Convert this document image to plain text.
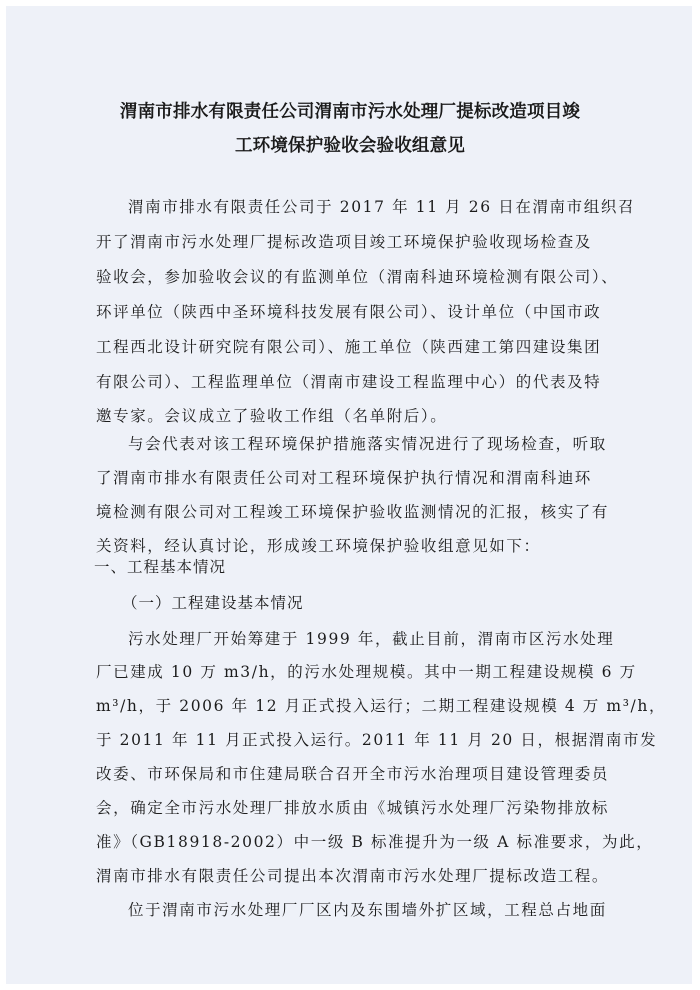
渭南市排水有限责任公司渭南市污水处理厂提标改造项目竣
工环境保护验收会验收组意见
渭南市排水有限责任公司于 2017 年 11 月 26 日在渭南市组织召
开了渭南市污水处理厂提标改造项目竣工环境保护验收现场检查及
验收会，参加验收会议的有监测单位（渭南科迪环境检测有限公司）、
环评单位（陕西中圣环境科技发展有限公司）、设计单位（中国市政
工程西北设计研究院有限公司）、施工单位（陕西建工第四建设集团
有限公司）、工程监理单位（渭南市建设工程监理中心）的代表及特
邀专家。会议成立了验收工作组（名单附后）。
与会代表对该工程环境保护措施落实情况进行了现场检查，听取
了渭南市排水有限责任公司对工程环境保护执行情况和渭南科迪环
境检测有限公司对工程竣工环境保护验收监测情况的汇报，核实了有
关资料，经认真讨论，形成竣工环境保护验收组意见如下：
一、工程基本情况
（一）工程建设基本情况
污水处理厂开始筹建于 1999 年，截止目前，渭南市区污水处理
厂已建成 10 万 m3/h，的污水处理规模。其中一期工程建设规模 6 万
m³/h，于 2006 年 12 月正式投入运行；二期工程建设规模 4 万 m³/h，
于 2011 年 11 月正式投入运行。2011 年 11 月 20 日，根据渭南市发
改委、市环保局和市住建局联合召开全市污水治理项目建设管理委员
会，确定全市污水处理厂排放水质由《城镇污水处理厂污染物排放标
准》（GB18918-2002）中一级 B 标准提升为一级 A 标准要求，为此，
渭南市排水有限责任公司提出本次渭南市污水处理厂提标改造工程。
位于渭南市污水处理厂厂区内及东围墙外扩区域，工程总占地面
